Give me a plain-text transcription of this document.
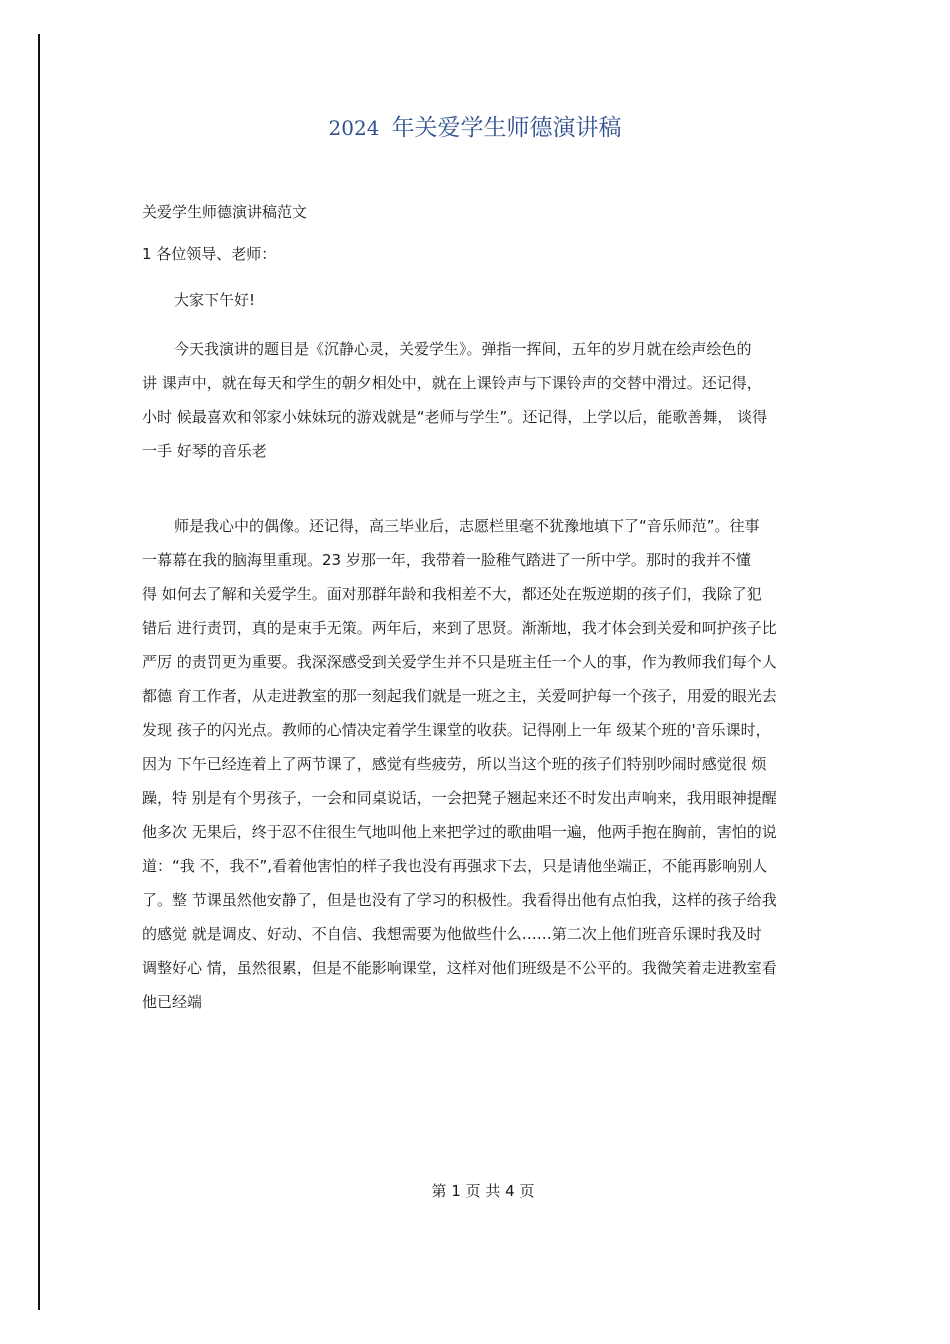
2024 年关爱学生师德演讲稿
关爱学生师德演讲稿范文
1 各位领导、老师：
大家下午好!
今天我演讲的题目是《沉静心灵，关爱学生》。弹指一挥间，五年的岁月就在绘声绘色的
讲 课声中，就在每天和学生的朝夕相处中，就在上课铃声与下课铃声的交替中滑过。还记得，
小时 候最喜欢和邻家小妹妹玩的游戏就是“老师与学生”。还记得，上学以后，能歌善舞， 谈得
一手 好琴的音乐老
师是我心中的偶像。还记得，高三毕业后，志愿栏里毫不犹豫地填下了“音乐师范”。往事
一幕幕在我的脑海里重现。23 岁那一年，我带着一脸稚气踏进了一所中学。那时的我并不懂
得 如何去了解和关爱学生。面对那群年龄和我相差不大，都还处在叛逆期的孩子们，我除了犯
错后 进行责罚，真的是束手无策。两年后，来到了思贤。渐渐地，我才体会到关爱和呵护孩子比
严厉 的责罚更为重要。我深深感受到关爱学生并不只是班主任一个人的事，作为教师我们每个人
都德 育工作者，从走进教室的那一刻起我们就是一班之主，关爱呵护每一个孩子，用爱的眼光去
发现 孩子的闪光点。教师的心情决定着学生课堂的收获。记得刚上一年 级某个班的'音乐课时，
因为 下午已经连着上了两节课了，感觉有些疲劳，所以当这个班的孩子们特别吵闹时感觉很 烦
躁，特 别是有个男孩子，一会和同桌说话，一会把凳子翘起来还不时发出声响来，我用眼神提醒
他多次 无果后，终于忍不住很生气地叫他上来把学过的歌曲唱一遍，他两手抱在胸前，害怕的说
道：“我 不，我不”,看着他害怕的样子我也没有再强求下去，只是请他坐端正，不能再影响别人
了。整 节课虽然他安静了，但是也没有了学习的积极性。我看得出他有点怕我，这样的孩子给我
的感觉 就是调皮、好动、不自信、我想需要为他做些什么……第二次上他们班音乐课时我及时
调整好心 情，虽然很累，但是不能影响课堂，这样对他们班级是不公平的。我微笑着走进教室看
他已经端
第 1 页 共 4 页
